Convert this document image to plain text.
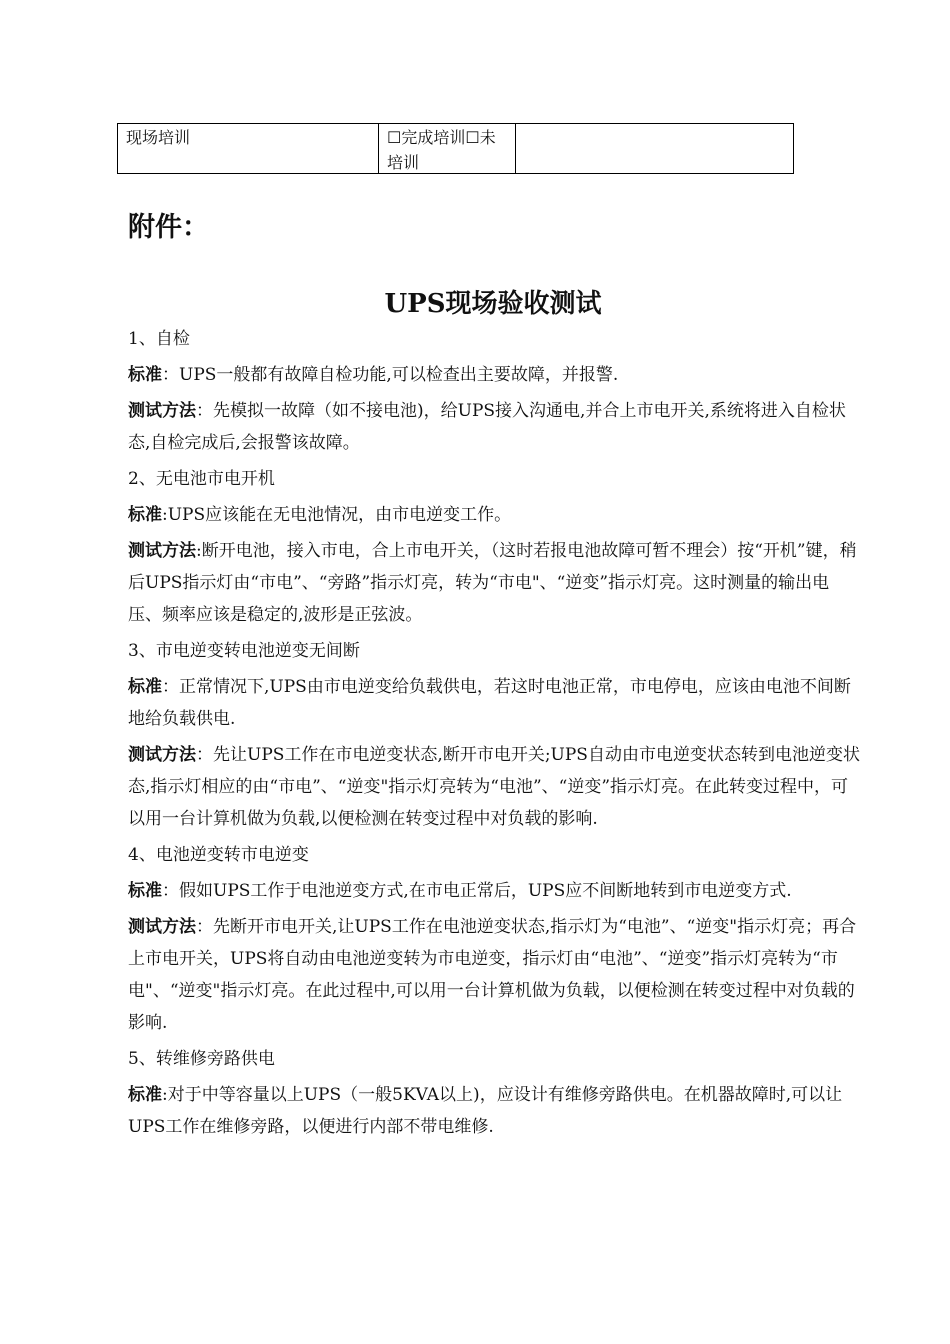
现场培训	☐完成培训☐未培训
附件：
UPS现场验收测试
1、自检
标准：UPS一般都有故障自检功能,可以检查出主要故障，并报警.
测试方法：先模拟一故障（如不接电池)，给UPS接入沟通电,并合上市电开关,系统将进入自检状态,自检完成后,会报警该故障。
2、无电池市电开机
标准:UPS应该能在无电池情况，由市电逆变工作。
测试方法:断开电池，接入市电，合上市电开关，（这时若报电池故障可暂不理会）按“开机”键，稍后UPS指示灯由“市电”、“旁路”指示灯亮，转为“市电"、“逆变”指示灯亮。这时测量的输出电压、频率应该是稳定的,波形是正弦波。
3、市电逆变转电池逆变无间断
标准：正常情况下,UPS由市电逆变给负载供电，若这时电池正常，市电停电，应该由电池不间断地给负载供电.
测试方法：先让UPS工作在市电逆变状态,断开市电开关;UPS自动由市电逆变状态转到电池逆变状态,指示灯相应的由“市电”、“逆变"指示灯亮转为“电池”、“逆变”指示灯亮。在此转变过程中，可以用一台计算机做为负载,以便检测在转变过程中对负载的影响.
4、电池逆变转市电逆变
标准：假如UPS工作于电池逆变方式,在市电正常后，UPS应不间断地转到市电逆变方式.
测试方法：先断开市电开关,让UPS工作在电池逆变状态,指示灯为“电池”、“逆变"指示灯亮；再合上市电开关，UPS将自动由电池逆变转为市电逆变，指示灯由“电池”、“逆变”指示灯亮转为“市电"、“逆变"指示灯亮。在此过程中,可以用一台计算机做为负载，以便检测在转变过程中对负载的影响.
5、转维修旁路供电
标准:对于中等容量以上UPS（一般5KVA以上)，应设计有维修旁路供电。在机器故障时,可以让UPS工作在维修旁路，以便进行内部不带电维修.
